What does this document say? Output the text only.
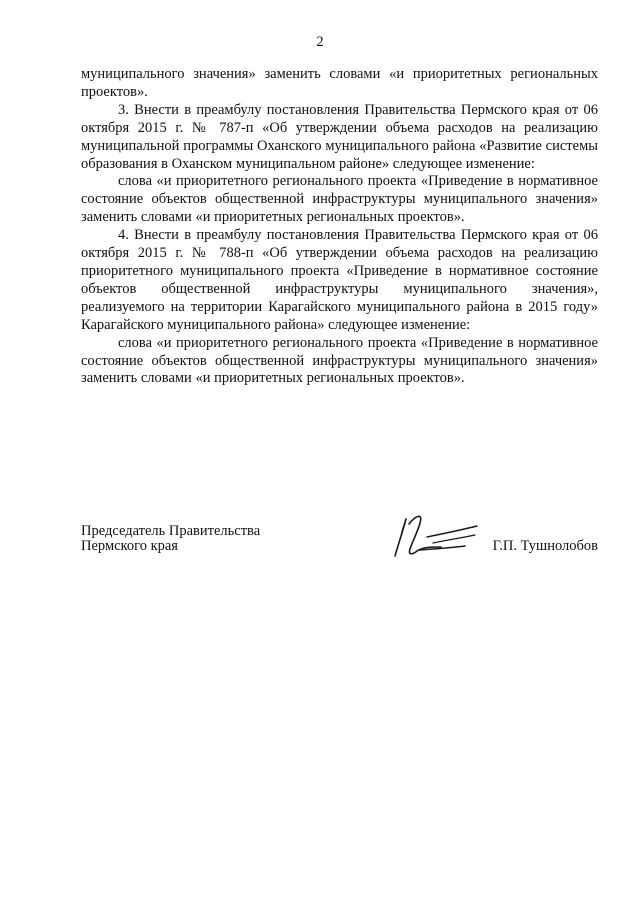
2

муниципального значения» заменить словами «и приоритетных региональных проектов».

3. Внести в преамбулу постановления Правительства Пермского края от 06 октября 2015 г. № 787-п «Об утверждении объема расходов на реализацию муниципальной программы Оханского муниципального района «Развитие системы образования в Оханском муниципальном районе» следующее изменение:

слова «и приоритетного регионального проекта «Приведение в нормативное состояние объектов общественной инфраструктуры муниципального значения» заменить словами «и приоритетных региональных проектов».

4. Внести в преамбулу постановления Правительства Пермского края от 06 октября 2015 г. № 788-п «Об утверждении объема расходов на реализацию приоритетного муниципального проекта «Приведение в нормативное состояние объектов общественной инфраструктуры муниципального значения», реализуемого на территории Карагайского муниципального района в 2015 году» Карагайского муниципального района» следующее изменение:

слова «и приоритетного регионального проекта «Приведение в нормативное состояние объектов общественной инфраструктуры муниципального значения» заменить словами «и приоритетных региональных проектов».

Председатель Правительства
Пермского края	Г.П. Тушнолобов
